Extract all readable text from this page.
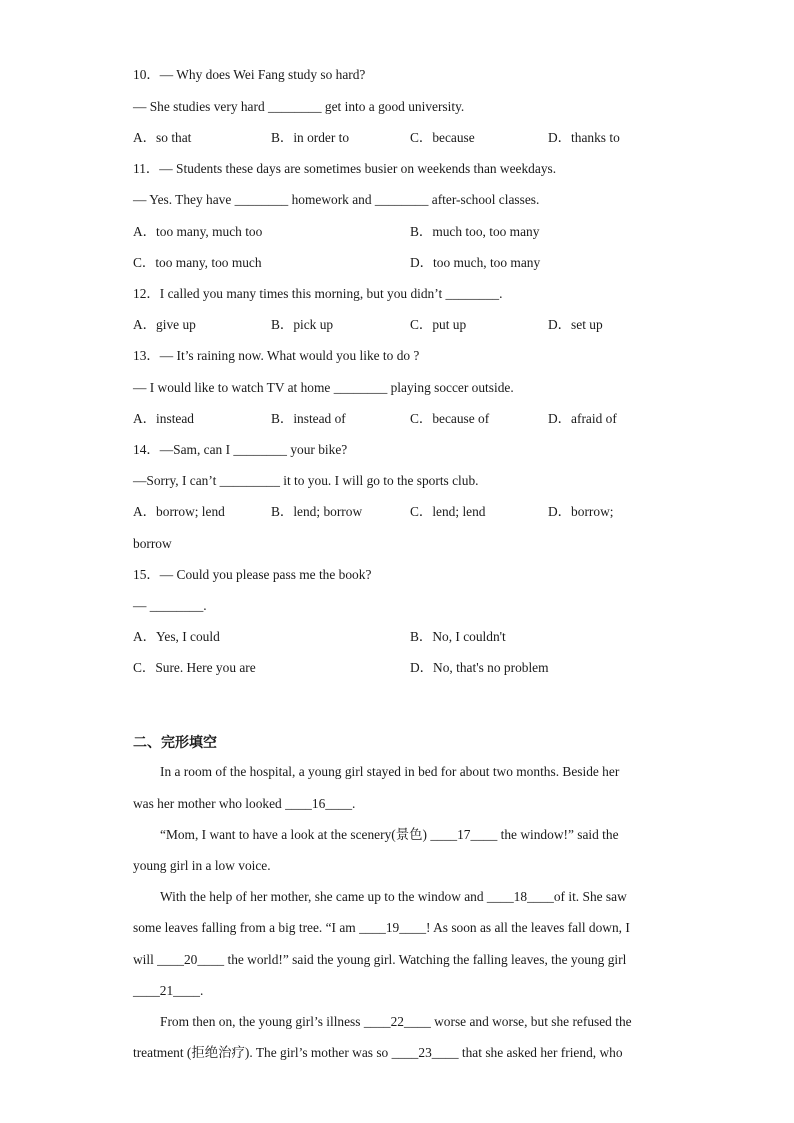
10．— Why does Wei Fang study so hard?
— She studies very hard ________ get into a good university.
A．so that	B．in order to	C．because	D．thanks to
11．— Students these days are sometimes busier on weekends than weekdays.
— Yes. They have ________ homework and ________ after-school classes.
A．too many, much too	B．much too, too many
C．too many, too much	D．too much, too many
12．I called you many times this morning, but you didn’t ________.
A．give up	B．pick up	C．put up	D．set up
13．— It’s raining now. What would you like to do ?
— I would like to watch TV at home ________ playing soccer outside.
A．instead	B．instead of	C．because of	D．afraid of
14．—Sam, can I ________ your bike?
—Sorry, I can’t _________ it to you. I will go to the sports club.
A．borrow; lend	B．lend; borrow	C．lend; lend	D．borrow;
borrow
15．— Could you please pass me the book?
— ________.
A．Yes, I could	B．No, I couldn't
C．Sure. Here you are	D．No, that's no problem
二、完形填空
In a room of the hospital, a young girl stayed in bed for about two months. Beside her
was her mother who looked ____16____.
“Mom, I want to have a look at the scenery(景色) ____17____ the window!” said the
young girl in a low voice.
With the help of her mother, she came up to the window and ____18____of it. She saw
some leaves falling from a big tree. “I am ____19____! As soon as all the leaves fall down, I
will ____20____ the world!” said the young girl. Watching the falling leaves, the young girl
____21____.
From then on, the young girl’s illness ____22____ worse and worse, but she refused the
treatment (拒绝治疗). The girl’s mother was so ____23____ that she asked her friend, who
